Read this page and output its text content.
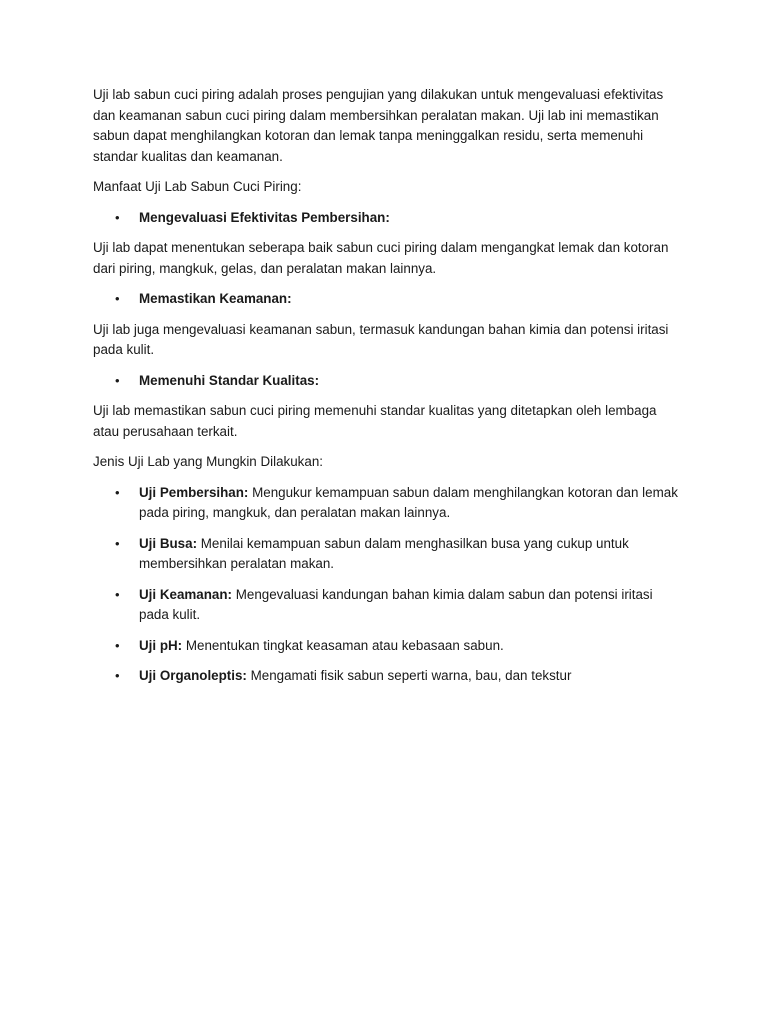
Uji lab sabun cuci piring adalah proses pengujian yang dilakukan untuk mengevaluasi efektivitas dan keamanan sabun cuci piring dalam membersihkan peralatan makan. Uji lab ini memastikan sabun dapat menghilangkan kotoran dan lemak tanpa meninggalkan residu, serta memenuhi standar kualitas dan keamanan.

Manfaat Uji Lab Sabun Cuci Piring:

• Mengevaluasi Efektivitas Pembersihan:

Uji lab dapat menentukan seberapa baik sabun cuci piring dalam mengangkat lemak dan kotoran dari piring, mangkuk, gelas, dan peralatan makan lainnya.

• Memastikan Keamanan:

Uji lab juga mengevaluasi keamanan sabun, termasuk kandungan bahan kimia dan potensi iritasi pada kulit.

• Memenuhi Standar Kualitas:

Uji lab memastikan sabun cuci piring memenuhi standar kualitas yang ditetapkan oleh lembaga atau perusahaan terkait.

Jenis Uji Lab yang Mungkin Dilakukan:

• Uji Pembersihan: Mengukur kemampuan sabun dalam menghilangkan kotoran dan lemak pada piring, mangkuk, dan peralatan makan lainnya.

• Uji Busa: Menilai kemampuan sabun dalam menghasilkan busa yang cukup untuk membersihkan peralatan makan.

• Uji Keamanan: Mengevaluasi kandungan bahan kimia dalam sabun dan potensi iritasi pada kulit.

• Uji pH: Menentukan tingkat keasaman atau kebasaan sabun.

• Uji Organoleptis: Mengamati fisik sabun seperti warna, bau, dan tekstur
